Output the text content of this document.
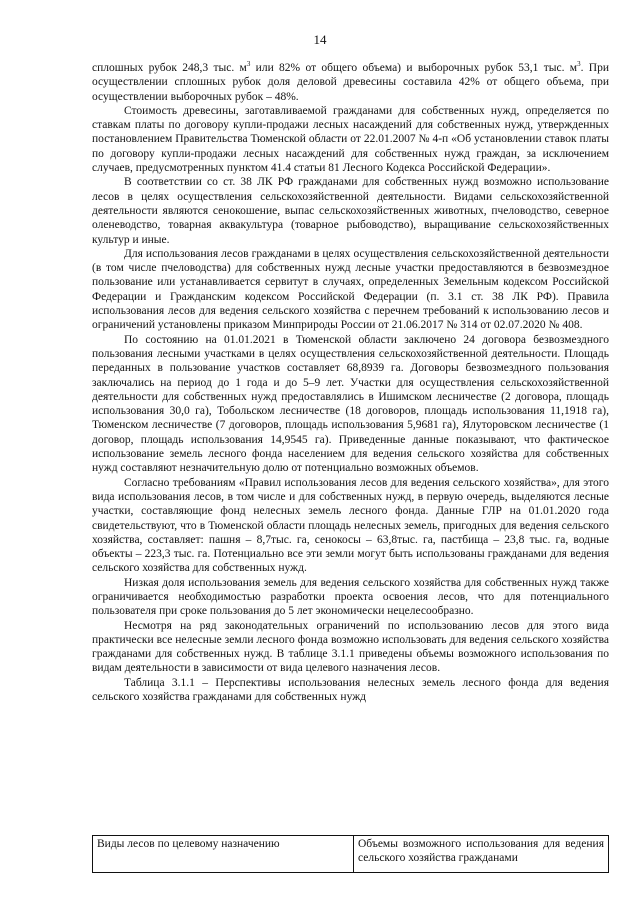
14

сплошных рубок 248,3 тыс. $м^3$ или 82% от общего объема) и выборочных рубок 53,1 тыс. $м^3$. При осуществлении сплошных рубок доля деловой древесины составила 42% от общего объема, при осуществлении выборочных рубок – 48%.

Стоимость древесины, заготавливаемой гражданами для собственных нужд, определяется по ставкам платы по договору купли-продажи лесных насаждений для собственных нужд, утвержденных постановлением Правительства Тюменской области от 22.01.2007 № 4-п «Об установлении ставок платы по договору купли-продажи лесных насаждений для собственных нужд граждан, за исключением случаев, предусмотренных пунктом 41.4 статьи 81 Лесного Кодекса Российской Федерации».

В соответствии со ст. 38 ЛК РФ гражданами для собственных нужд возможно использование лесов в целях осуществления сельскохозяйственной деятельности. Видами сельскохозяйственной деятельности являются сенокошение, выпас сельскохозяйственных животных, пчеловодство, северное оленеводство, товарная аквакультура (товарное рыбоводство), выращивание сельскохозяйственных культур и иные.

Для использования лесов гражданами в целях осуществления сельскохозяйственной деятельности (в том числе пчеловодства) для собственных нужд лесные участки предоставляются в безвозмездное пользование или устанавливается сервитут в случаях, определенных Земельным кодексом Российской Федерации и Гражданским кодексом Российской Федерации (п. 3.1 ст. 38 ЛК РФ). Правила использования лесов для ведения сельского хозяйства с перечнем требований к использованию лесов и ограничений установлены приказом Минприроды России от 21.06.2017 № 314 от 02.07.2020 № 408.

По состоянию на 01.01.2021 в Тюменской области заключено 24 договора безвозмездного пользования лесными участками в целях осуществления сельскохозяйственной деятельности. Площадь переданных в пользование участков составляет 68,8939 га. Договоры безвозмездного пользования заключались на период до 1 года и до 5–9 лет. Участки для осуществления сельскохозяйственной деятельности для собственных нужд предоставлялись в Ишимском лесничестве (2 договора, площадь использования 30,0 га), Тобольском лесничестве (18 договоров, площадь использования 11,1918 га), Тюменском лесничестве (7 договоров, площадь использования 5,9681 га), Ялуторовском лесничестве (1 договор, площадь использования 14,9545 га). Приведенные данные показывают, что фактическое использование земель лесного фонда населением для ведения сельского хозяйства для собственных нужд составляют незначительную долю от потенциально возможных объемов.

Согласно требованиям «Правил использования лесов для ведения сельского хозяйства», для этого вида использования лесов, в том числе и для собственных нужд, в первую очередь, выделяются лесные участки, составляющие фонд нелесных земель лесного фонда. Данные ГЛР на 01.01.2020 года свидетельствуют, что в Тюменской области площадь нелесных земель, пригодных для ведения сельского хозяйства, составляет: пашня – 8,7тыс. га, сенокосы – 63,8тыс. га, пастбища – 23,8 тыс. га, водные объекты – 223,3 тыс. га. Потенциально все эти земли могут быть использованы гражданами для ведения сельского хозяйства для собственных нужд.

Низкая доля использования земель для ведения сельского хозяйства для собственных нужд также ограничивается необходимостью разработки проекта освоения лесов, что для потенциального пользователя при сроке пользования до 5 лет экономически нецелесообразно.

Несмотря на ряд законодательных ограничений по использованию лесов для этого вида практически все нелесные земли лесного фонда возможно использовать для ведения сельского хозяйства гражданами для собственных нужд. В таблице 3.1.1 приведены объемы возможного использования по видам деятельности в зависимости от вида целевого назначения лесов.

Таблица 3.1.1 – Перспективы использования нелесных земель лесного фонда для ведения сельского хозяйства гражданами для собственных нужд

Виды лесов по целевому назначению	Объемы возможного использования для ведения сельского хозяйства гражданами
